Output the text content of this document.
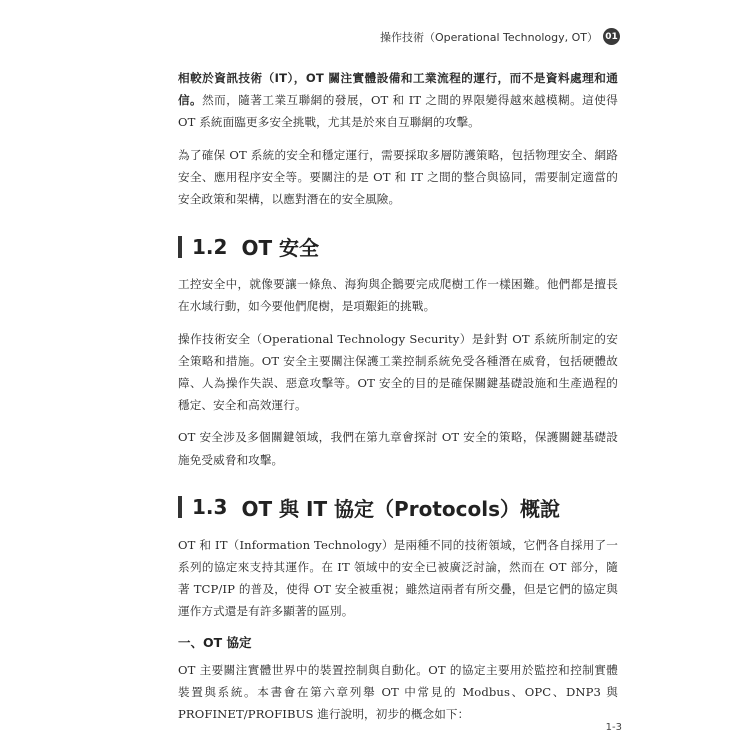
操作技術（Operational Technology, OT） 01

相較於資訊技術（IT），OT 關注實體設備和工業流程的運行，而不是資料處理和通信。然而，隨著工業互聯網的發展，OT 和 IT 之間的界限變得越來越模糊。這使得 OT 系統面臨更多安全挑戰，尤其是於來自互聯網的攻擊。

為了確保 OT 系統的安全和穩定運行，需要採取多層防護策略，包括物理安全、網路安全、應用程序安全等。要關注的是 OT 和 IT 之間的整合與協同，需要制定適當的安全政策和架構，以應對潛在的安全風險。

1.2 OT 安全

工控安全中，就像要讓一條魚、海狗與企鵝要完成爬樹工作一樣困難。他們都是擅長在水域行動，如今要他們爬樹，是項艱鉅的挑戰。

操作技術安全（Operational Technology Security）是針對 OT 系統所制定的安全策略和措施。OT 安全主要關注保護工業控制系統免受各種潛在威脅，包括硬體故障、人為操作失誤、惡意攻擊等。OT 安全的目的是確保關鍵基礎設施和生產過程的穩定、安全和高效運行。

OT 安全涉及多個關鍵領域，我們在第九章會探討 OT 安全的策略，保護關鍵基礎設施免受威脅和攻擊。

1.3 OT 與 IT 協定（Protocols）概說

OT 和 IT（Information Technology）是兩種不同的技術領域，它們各自採用了一系列的協定來支持其運作。在 IT 領域中的安全已被廣泛討論，然而在 OT 部分，隨著 TCP/IP 的普及，使得 OT 安全被重視；雖然這兩者有所交疊，但是它們的協定與運作方式還是有許多顯著的區別。

一、OT 協定

OT 主要關注實體世界中的裝置控制與自動化。OT 的協定主要用於監控和控制實體裝置與系統。本書會在第六章列舉 OT 中常見的 Modbus、OPC、DNP3 與 PROFINET/PROFIBUS 進行說明，初步的概念如下：

1-3
